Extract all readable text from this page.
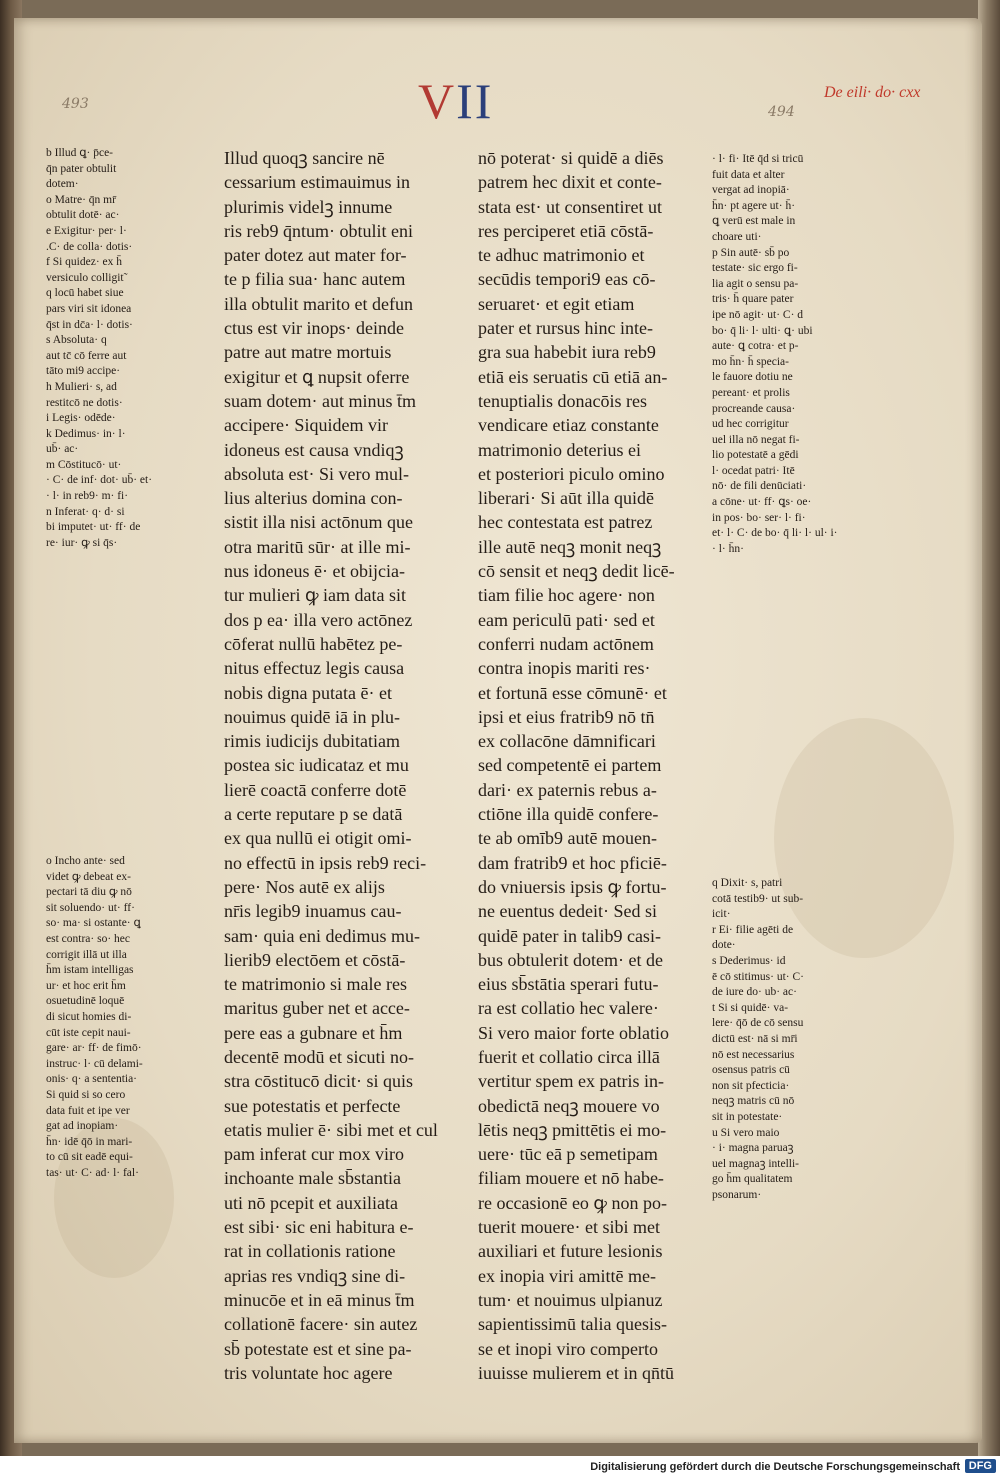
493	494
VII	De eili· do· cxx
b Illud ꝗ· p̄ce-
q̄n pater obtulit
dotem·
o Matre· q̄n mr̄
obtulit dotē· ac·
e Exigitur· per· l·
.C· de colla· dotis·
f Si quidez· ex h̄
versiculo colligit˜
q locū habet siue
pars viri sit idonea
q̄st in dc̄a· l· dotis·
s Absoluta· q
aut tc̄ cō ferre aut
tāto mi9 accipe·
h Mulieri· s, ad
restitcō ne dotis·
i Legis· odēde·
k Dedimus· in· l·
ub̄· ac·
m Cōstitucō· ut·
· C· de inf· dot· ub̄· et·
· l· in reb9· m· fi·
n Inferat· q· d· si
bi imputet· ut· ff· de
re· iur· ꝙ si q̄s·
o Incho ante· sed
videt ꝙ debeat ex-
pectari tā diu ꝙ nō
sit soluendo· ut· ff·
so· ma· si ostante· ꝗ
est contra· so· hec
corrigit illā ut illa
h̄m istam intelligas
ur· et hoc erit h̄m
osuetudinē loquē
di sicut homies di-
cūt iste cepit naui-
gare· ar· ff· de fimō·
instruc· l· cū delami-
onis· q· a sententia·
Si quid si so cero
data fuit et ipe ver
gat ad inopiam·
h̄n· idē q̄ō in mari-
to cū sit eadē equi-
tas· ut· C· ad· l· fal·
Illud quoqꝫ sancire nē
cessarium estimauimus in
plurimis videlꝫ innume
ris reb9 q̄ntum· obtulit eni
pater dotez aut mater for-
te p filia sua· hanc autem
illa obtulit marito et defun
ctus est vir inops· deinde
patre aut matre mortuis
exigitur et ꝗ nupsit oferre
suam dotem· aut minus t̄m
accipere· Siquidem vir
idoneus est causa vndiqꝫ
absoluta est· Si vero mul-
lius alterius domina con-
sistit illa nisi actōnum que
otra maritū sūr· at ille mi-
nus idoneus ē· et obijcia-
tur mulieri ꝙ iam data sit
dos p ea· illa vero actōnez
cōferat nullū habētez pe-
nitus effectuz legis causa
nobis digna putata ē· et
nouimus quidē iā in plu-
rimis iudicijs dubitatiam
postea sic iudicataz et mu
lierē coactā conferre dotē
a certe reputare p se datā
ex qua nullū ei otigit omi-
no effectū in ipsis reb9 reci-
pere· Nos autē ex alijs
nr̄is legib9 inuamus cau-
sam· quia eni dedimus mu-
lierib9 electōem et cōstā-
te matrimonio si male res
maritus guber net et acce-
pere eas a gubnare et h̄m
decentē modū et sicuti no-
stra cōstitucō dicit· si quis
sue potestatis et perfecte
etatis mulier ē· sibi met et cul
pam inferat cur mox viro
inchoante male sb̄stantia
uti nō pcepit et auxiliata
est sibi· sic eni habitura e-
rat in collationis ratione
aprias res vndiqꝫ sine di-
minucōe et in eā minus t̄m
collationē facere· sin autez
sb̄ potestate est et sine pa-
tris voluntate hoc agere
nō poterat· si quidē a diēs
patrem hec dixit et conte-
stata est· ut consentiret ut
res perciperet etiā cōstā-
te adhuc matrimonio et
secūdis tempori9 eas cō-
seruaret· et egit etiam
pater et rursus hinc inte-
gra sua habebit iura reb9
etiā eis seruatis cū etiā an-
tenuptialis donacōis res
vendicare etiaz constante
matrimonio deterius ei
et posteriori piculo omino
liberari· Si aūt illa quidē
hec contestata est patrez
ille autē neqꝫ monit neqꝫ
cō sensit et neqꝫ dedit licē-
tiam filie hoc agere· non
eam periculū pati· sed et
conferri nudam actōnem
contra inopis mariti res·
et fortunā esse cōmunē· et
ipsi et eius fratrib9 nō tn̄
ex collacōne dāmnificari
sed competentē ei partem
dari· ex paternis rebus a-
ctiōne illa quidē confere-
te ab omīb9 autē mouen-
dam fratrib9 et hoc pficiē-
do vniuersis ipsis ꝙ fortu-
ne euentus dedeit· Sed si
quidē pater in talib9 casi-
bus obtulerit dotem· et de
eius sb̄stātia sperari futu-
ra est collatio hec valere·
Si vero maior forte oblatio
fuerit et collatio circa illā
vertitur spem ex patris in-
obedictā neqꝫ mouere vo
lētis neqꝫ pmittētis ei mo-
uere· tūc eā p semetipam
filiam mouere et nō habe-
re occasionē eo ꝙ non po-
tuerit mouere· et sibi met
auxiliari et future lesionis
ex inopia viri amittē me-
tum· et nouimus ulpianuz
sapientissimū talia quesis-
se et inopi viro comperto
iuuisse mulierem et in qn̄tū
· l· fi· Itē q̄d si tricū
fuit data et alter
vergat ad inopiā·
h̄n· pt agere ut· h̄·
ꝗ verū est male in
choare uti·
p Sin autē· sb̄ po
testate· sic ergo fi-
lia agit o sensu pa-
tris· h̄ quare pater
ipe nō agit· ut· C· d
bo· q̄ li· l· ulti· ꝗ· ubi
aute· ꝗ cotra· et p-
mo h̄n· h̄ specia-
le fauore dotiu ne
pereant· et prolis
procreande causa·
ud hec corrigitur
uel illa nō negat fi-
lio potestatē a gēdi
l· ocedat patri· Itē
nō· de fili denūciati·
a cōne· ut· ff· ꝗs· oe·
in pos· bo· ser· l· fi·
et· l· C· de bo· q̄ li· l· ul· i·
· l· h̄n·
q Dixit· s, patri
cotā testib9· ut sub-
icit·
r Ei· filie agēti de
dote·
s Dederimus· id
ē cō stitimus· ut· C·
de iure do· ub· ac·
t Si si quidē· va-
lere· q̄ō de cō sensu
dictū est· nā si mr̄i
nō est necessarius
osensus patris cū
non sit pfecticia·
neqꝫ matris cū nō
sit in potestate·
u Si vero maio
· i· magna paruaꝫ
uel magnaꝫ intelli-
go h̄m qualitatem
psonarum·
Digitalisierung gefördert durch die Deutsche Forschungsgemeinschaft DFG
